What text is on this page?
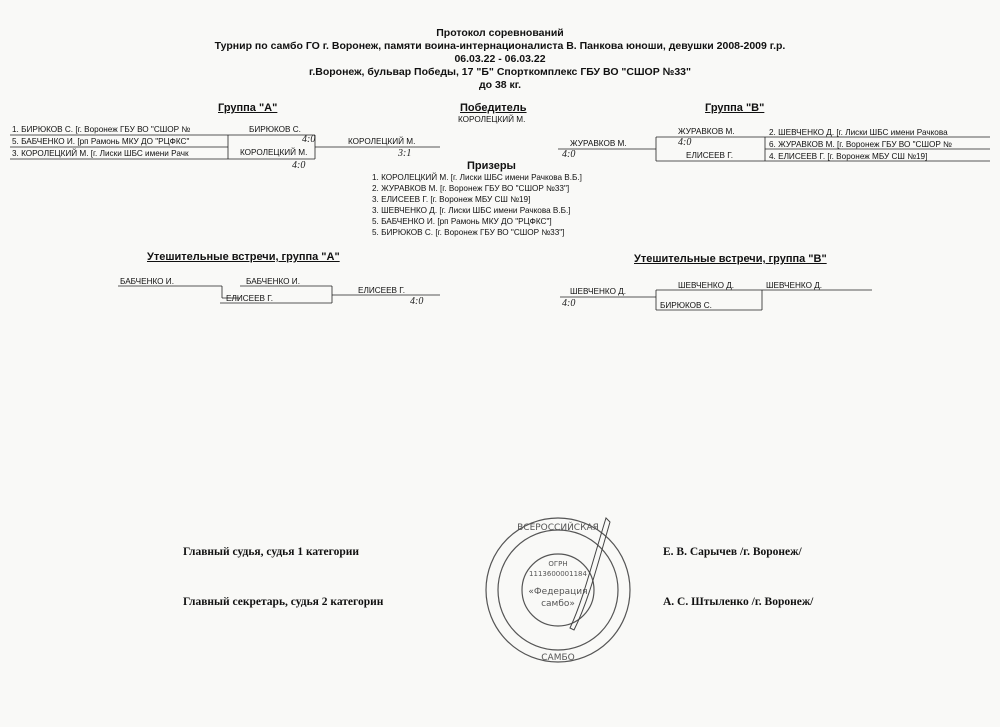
Протокол соревнований
Турнир по самбо ГО г. Воронеж, памяти воина-интернационалиста В. Панкова юноши, девушки 2008-2009 г.р.
06.03.22 - 06.03.22
г.Воронеж, бульвар Победы, 17 "Б" Спорткомплекс ГБУ ВО "СШОР №33"
до 38 кг.
Группа "А"	Победитель
КОРОЛЕЦКИЙ М.
Группа "В"
1. БИРЮКОВ С. [г. Воронеж ГБУ ВО "СШОР №
5. БАБЧЕНКО И. [рп Рамонь МКУ ДО "РЦФКС"
3. КОРОЛЕЦКИЙ М. [г. Лиски ШБС имени Рачк
БИРЮКОВ С.
4:0
КОРОЛЕЦКИЙ М.
4:0
КОРОЛЕЦКИЙ М.
3:1
ЖУРАВКОВ М.
4:0
ЖУРАВКОВ М.
4:0
ЕЛИСЕЕВ Г.
2. ШЕВЧЕНКО Д. [г. Лиски ШБС имени Рачкова
6. ЖУРАВКОВ М. [г. Воронеж ГБУ ВО "СШОР №
4. ЕЛИСЕЕВ Г. [г. Воронеж МБУ СШ №19]
Призеры
1. КОРОЛЕЦКИЙ М. [г. Лиски ШБС имени Рачкова В.Б.]
2. ЖУРАВКОВ М. [г. Воронеж ГБУ ВО "СШОР №33"]
3. ЕЛИСЕЕВ Г. [г. Воронеж МБУ СШ №19]
3. ШЕВЧЕНКО Д. [г. Лиски ШБС имени Рачкова В.Б.]
5. БАБЧЕНКО И. [рп Рамонь МКУ ДО "РЦФКС"]
5. БИРЮКОВ С. [г. Воронеж ГБУ ВО "СШОР №33"]
Утешительные встречи, группа "А"
БАБЧЕНКО И.	БАБЧЕНКО И.
ЕЛИСЕЕВ Г.
ЕЛИСЕЕВ Г.
4:0
Утешительные встречи, группа "В"
ШЕВЧЕНКО Д.
4:0
ШЕВЧЕНКО Д.
БИРЮКОВ С.
ШЕВЧЕНКО Д.
Главный судья, судья 1 категории	Е. В. Сарычев /г. Воронеж/
Главный секретарь, судья 2 категорин	А. С. Штыленко /г. Воронеж/
ВСЕРОССИЙСКАЯ
САМБО
ОГРН
1113600001184
«Федерация
самбо»
